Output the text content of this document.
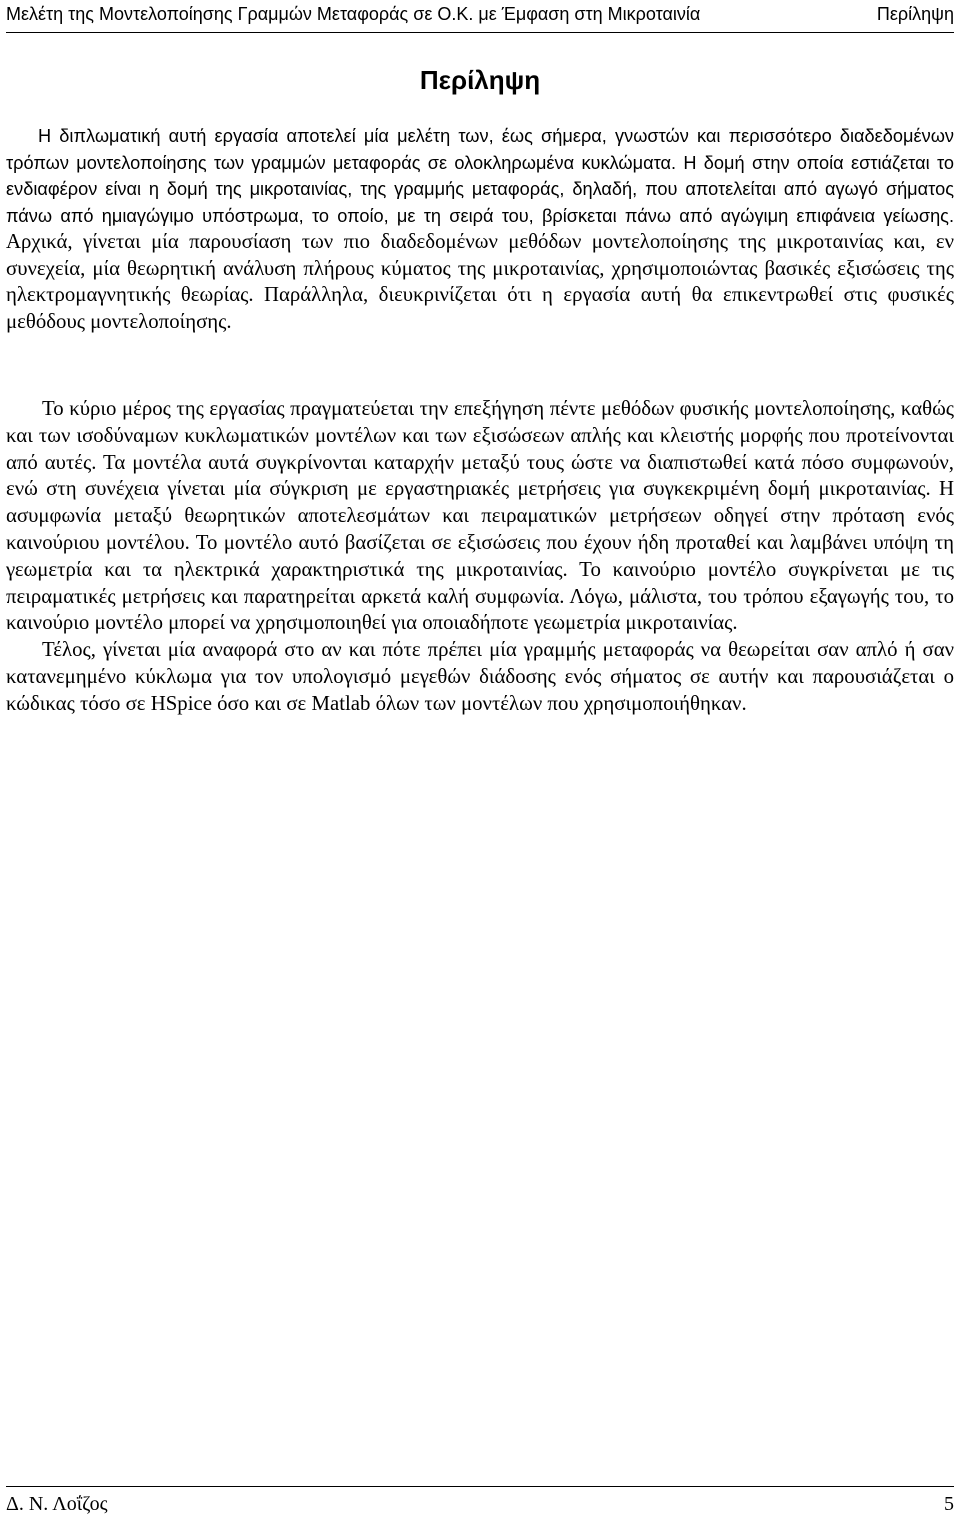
Μελέτη της Μοντελοποίησης Γραμμών Μεταφοράς σε Ο.Κ. με Έμφαση στη Μικροταινία	Περίληψη
Περίληψη

Η διπλωματική αυτή εργασία αποτελεί μία μελέτη των, έως σήμερα, γνωστών και περισσότερο διαδεδομένων τρόπων μοντελοποίησης των γραμμών μεταφοράς σε ολοκληρωμένα κυκλώματα. Η δομή στην οποία εστιάζεται το ενδιαφέρον είναι η δομή της μικροταινίας, της γραμμής μεταφοράς, δηλαδή, που αποτελείται από αγωγό σήματος πάνω από ημιαγώγιμο υπόστρωμα, το οποίο, με τη σειρά του, βρίσκεται πάνω από αγώγιμη επιφάνεια γείωσης. Αρχικά, γίνεται μία παρουσίαση των πιο διαδεδομένων μεθόδων μοντελοποίησης της μικροταινίας και, εν συνεχεία, μία θεωρητική ανάλυση πλήρους κύματος της μικροταινίας, χρησιμοποιώντας βασικές εξισώσεις της ηλεκτρομαγνητικής θεωρίας. Παράλληλα, διευκρινίζεται ότι η εργασία αυτή θα επικεντρωθεί στις φυσικές μεθόδους μοντελοποίησης.

Το κύριο μέρος της εργασίας πραγματεύεται την επεξήγηση πέντε μεθόδων φυσικής μοντελοποίησης, καθώς και των ισοδύναμων κυκλωματικών μοντέλων και των εξισώσεων απλής και κλειστής μορφής που προτείνονται από αυτές. Τα μοντέλα αυτά συγκρίνονται καταρχήν μεταξύ τους ώστε να διαπιστωθεί κατά πόσο συμφωνούν, ενώ στη συνέχεια γίνεται μία σύγκριση με εργαστηριακές μετρήσεις για συγκεκριμένη δομή μικροταινίας. Η ασυμφωνία μεταξύ θεωρητικών αποτελεσμάτων και πειραματικών μετρήσεων οδηγεί στην πρόταση ενός καινούριου μοντέλου. Το μοντέλο αυτό βασίζεται σε εξισώσεις που έχουν ήδη προταθεί και λαμβάνει υπόψη τη γεωμετρία και τα ηλεκτρικά χαρακτηριστικά της μικροταινίας. Το καινούριο μοντέλο συγκρίνεται με τις πειραματικές μετρήσεις και παρατηρείται αρκετά καλή συμφωνία. Λόγω, μάλιστα, του τρόπου εξαγωγής του, το καινούριο μοντέλο μπορεί να χρησιμοποιηθεί για οποιαδήποτε γεωμετρία μικροταινίας.

Τέλος, γίνεται μία αναφορά στο αν και πότε πρέπει μία γραμμής μεταφοράς να θεωρείται σαν απλό ή σαν κατανεμημένο κύκλωμα για τον υπολογισμό μεγεθών διάδοσης ενός σήματος σε αυτήν και παρουσιάζεται ο κώδικας τόσο σε HSpice όσο και σε Matlab όλων των μοντέλων που χρησιμοποιήθηκαν.

Δ. Ν. Λοΐζος	5
